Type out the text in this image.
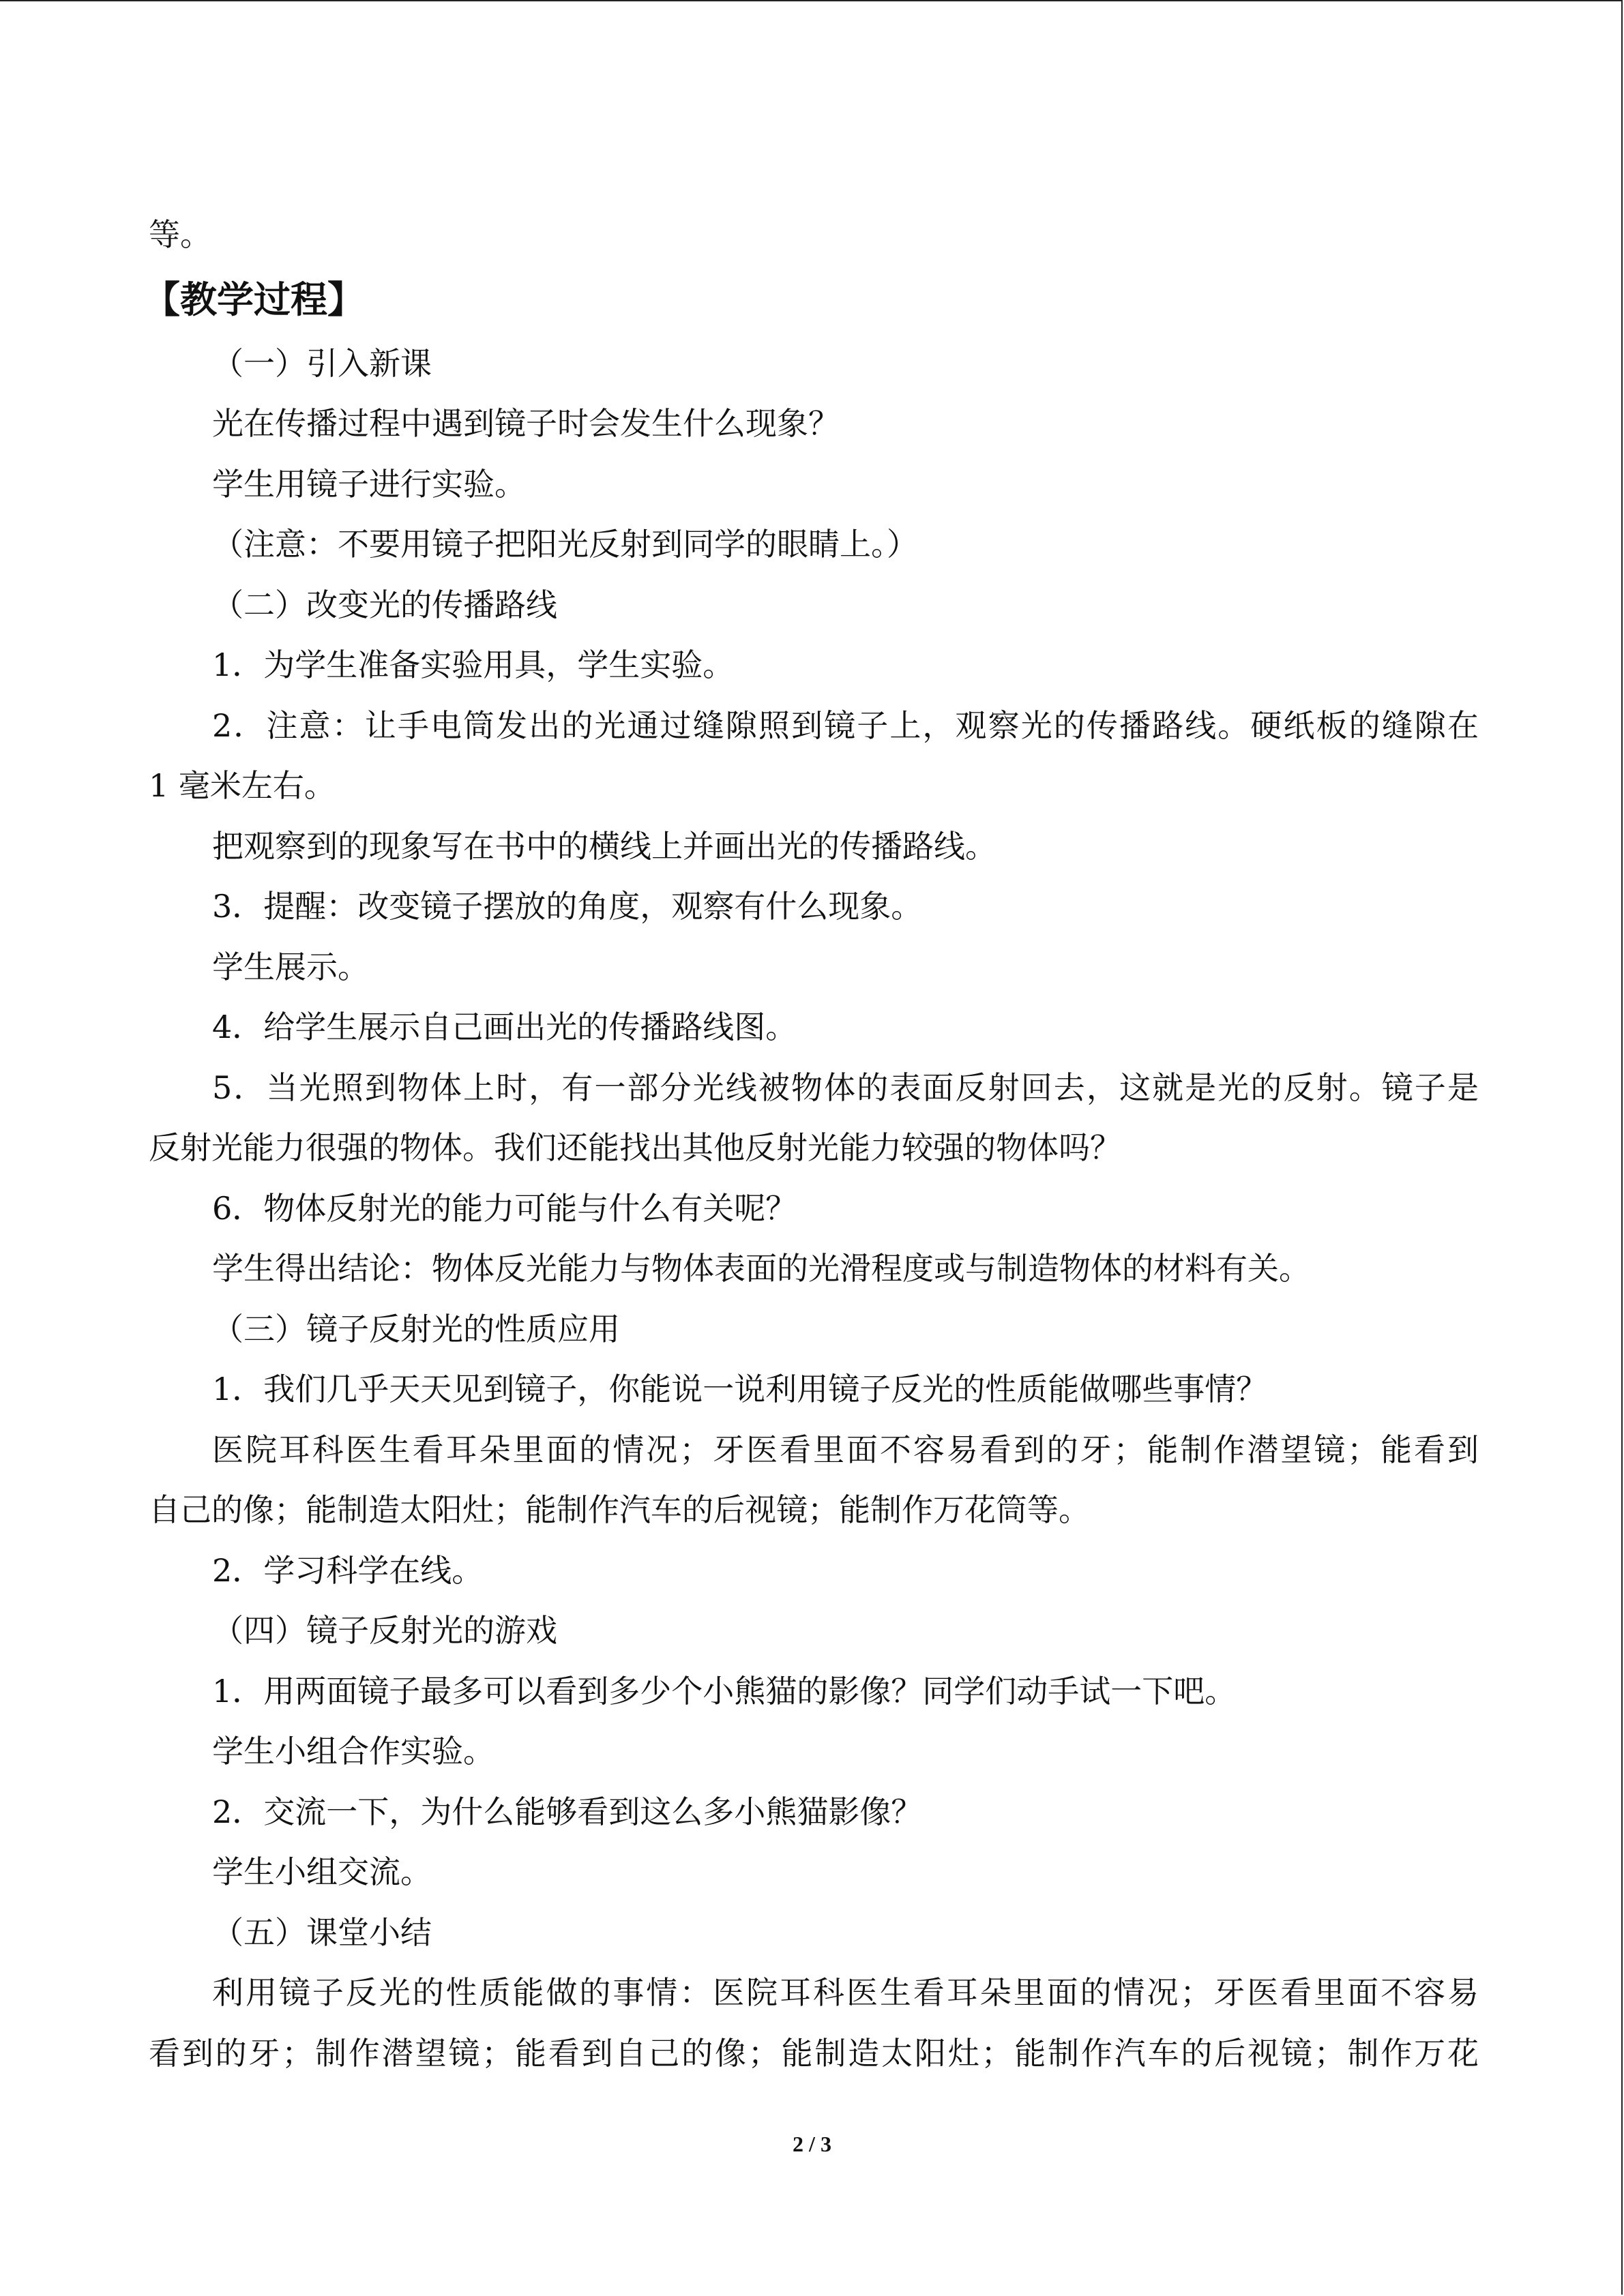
等。

【教学过程】

（一）引入新课

光在传播过程中遇到镜子时会发生什么现象？

学生用镜子进行实验。

（注意：不要用镜子把阳光反射到同学的眼睛上。）

（二）改变光的传播路线

1．为学生准备实验用具，学生实验。

2．注意：让手电筒发出的光通过缝隙照到镜子上，观察光的传播路线。硬纸板的缝隙在

1 毫米左右。

把观察到的现象写在书中的横线上并画出光的传播路线。

3．提醒：改变镜子摆放的角度，观察有什么现象。

学生展示。

4．给学生展示自己画出光的传播路线图。

5．当光照到物体上时，有一部分光线被物体的表面反射回去，这就是光的反射。镜子是

反射光能力很强的物体。我们还能找出其他反射光能力较强的物体吗？

6．物体反射光的能力可能与什么有关呢？

学生得出结论：物体反光能力与物体表面的光滑程度或与制造物体的材料有关。

（三）镜子反射光的性质应用

1．我们几乎天天见到镜子，你能说一说利用镜子反光的性质能做哪些事情？

医院耳科医生看耳朵里面的情况；牙医看里面不容易看到的牙；能制作潜望镜；能看到

自己的像；能制造太阳灶；能制作汽车的后视镜；能制作万花筒等。

2．学习科学在线。

（四）镜子反射光的游戏

1．用两面镜子最多可以看到多少个小熊猫的影像？同学们动手试一下吧。

学生小组合作实验。

2．交流一下，为什么能够看到这么多小熊猫影像？

学生小组交流。

（五）课堂小结

利用镜子反光的性质能做的事情：医院耳科医生看耳朵里面的情况；牙医看里面不容易

看到的牙；制作潜望镜；能看到自己的像；能制造太阳灶；能制作汽车的后视镜；制作万花

2 / 3
